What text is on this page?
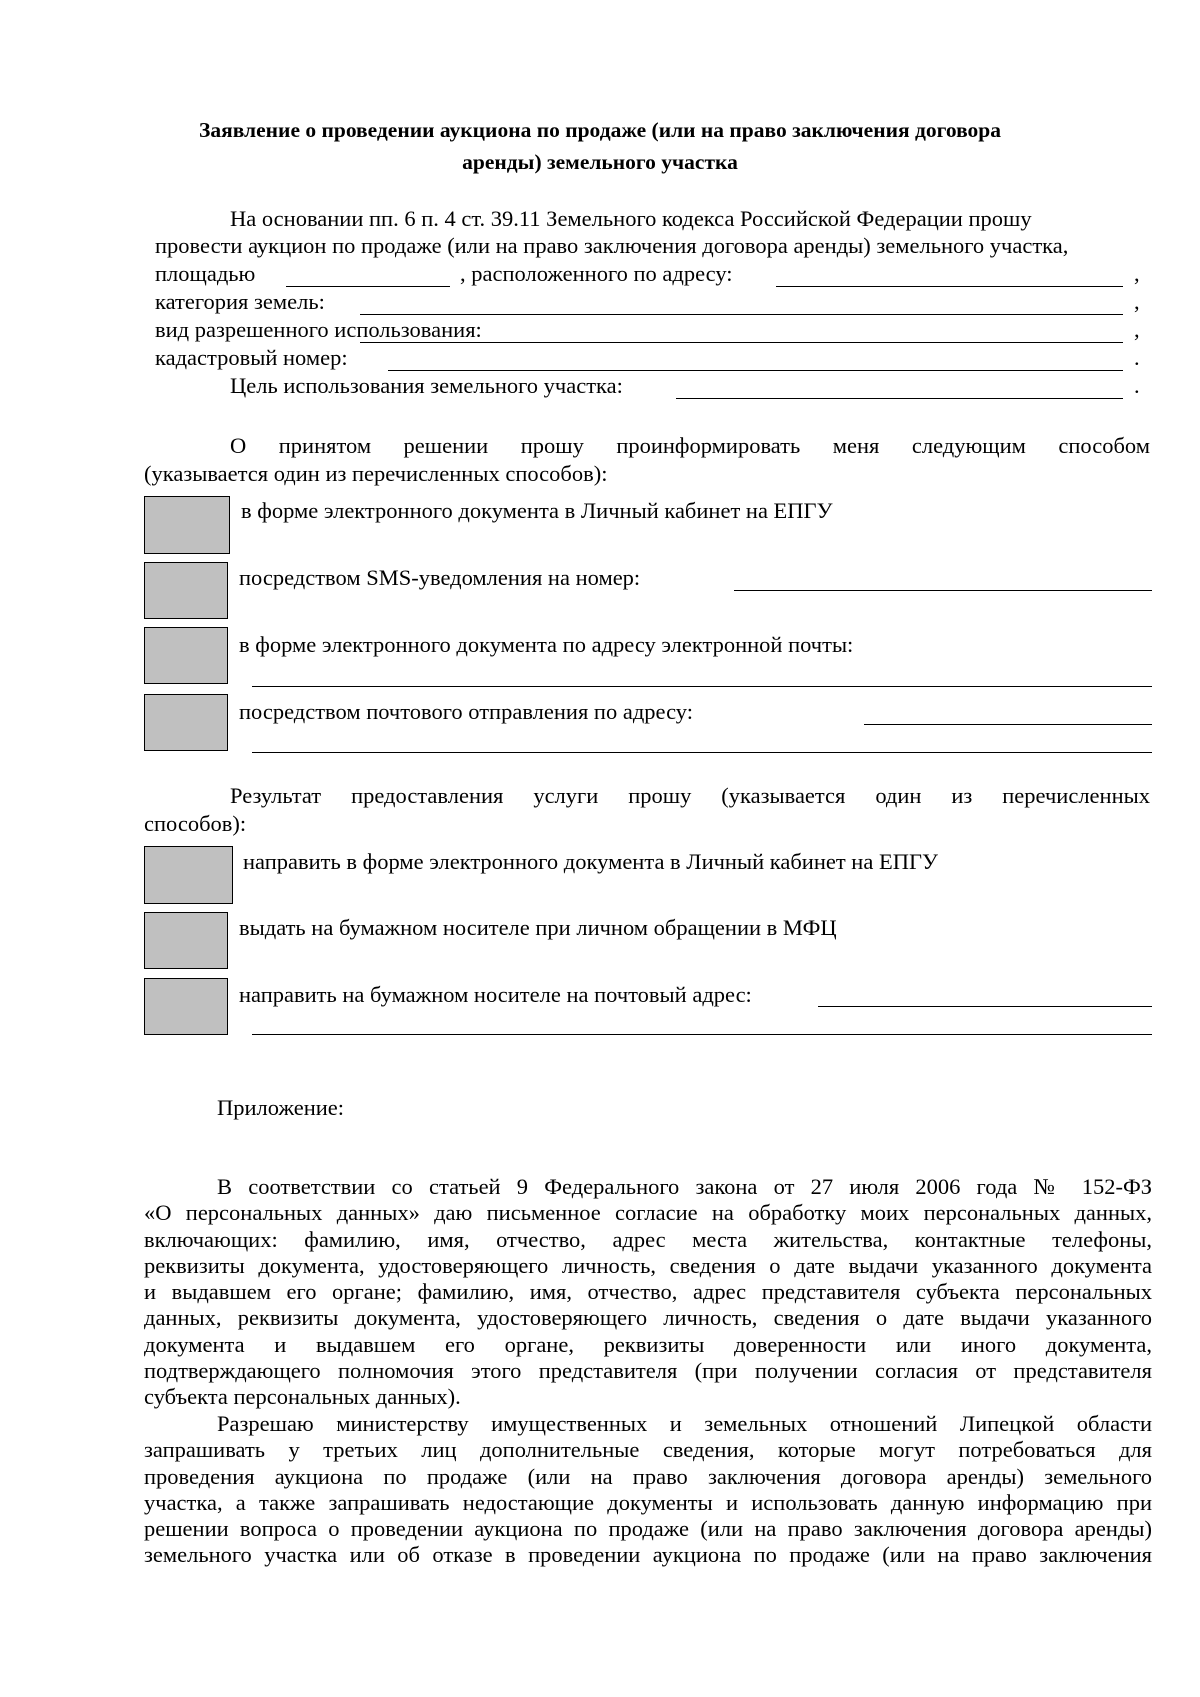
Заявление о проведении аукциона по продаже (или на право заключения договора
аренды) земельного участка
На основании пп. 6 п. 4 ст. 39.11 Земельного кодекса Российской Федерации прошу
провести аукцион по продаже (или на право заключения договора аренды) земельного участка,
площадью	, расположенного по адресу:	,
категория земель:	,
вид разрешенного использования:	,
кадастровый номер:	.
Цель использования земельного участка:	.
О принятом решении прошу проинформировать меня следующим способом
(указывается один из перечисленных способов):
в форме электронного документа в Личный кабинет на ЕПГУ
посредством SMS-уведомления на номер:
в форме электронного документа по адресу электронной почты:
посредством почтового отправления по адресу:
Результат предоставления услуги прошу (указывается один из перечисленных
способов):
направить в форме электронного документа в Личный кабинет на ЕПГУ
выдать на бумажном носителе при личном обращении в МФЦ
направить на бумажном носителе на почтовый адрес:
Приложение:
В соответствии со статьей 9 Федерального закона от 27 июля 2006 года № 152-ФЗ
«О персональных данных» даю письменное согласие на обработку моих персональных данных,
включающих: фамилию, имя, отчество, адрес места жительства, контактные телефоны,
реквизиты документа, удостоверяющего личность, сведения о дате выдачи указанного документа
и выдавшем его органе; фамилию, имя, отчество, адрес представителя субъекта персональных
данных, реквизиты документа, удостоверяющего личность, сведения о дате выдачи указанного
документа и выдавшем его органе, реквизиты доверенности или иного документа,
подтверждающего полномочия этого представителя (при получении согласия от представителя
субъекта персональных данных).
Разрешаю министерству имущественных и земельных отношений Липецкой области
запрашивать у третьих лиц дополнительные сведения, которые могут потребоваться для
проведения аукциона по продаже (или на право заключения договора аренды) земельного
участка, а также запрашивать недостающие документы и использовать данную информацию при
решении вопроса о проведении аукциона по продаже (или на право заключения договора аренды)
земельного участка или об отказе в проведении аукциона по продаже (или на право заключения
